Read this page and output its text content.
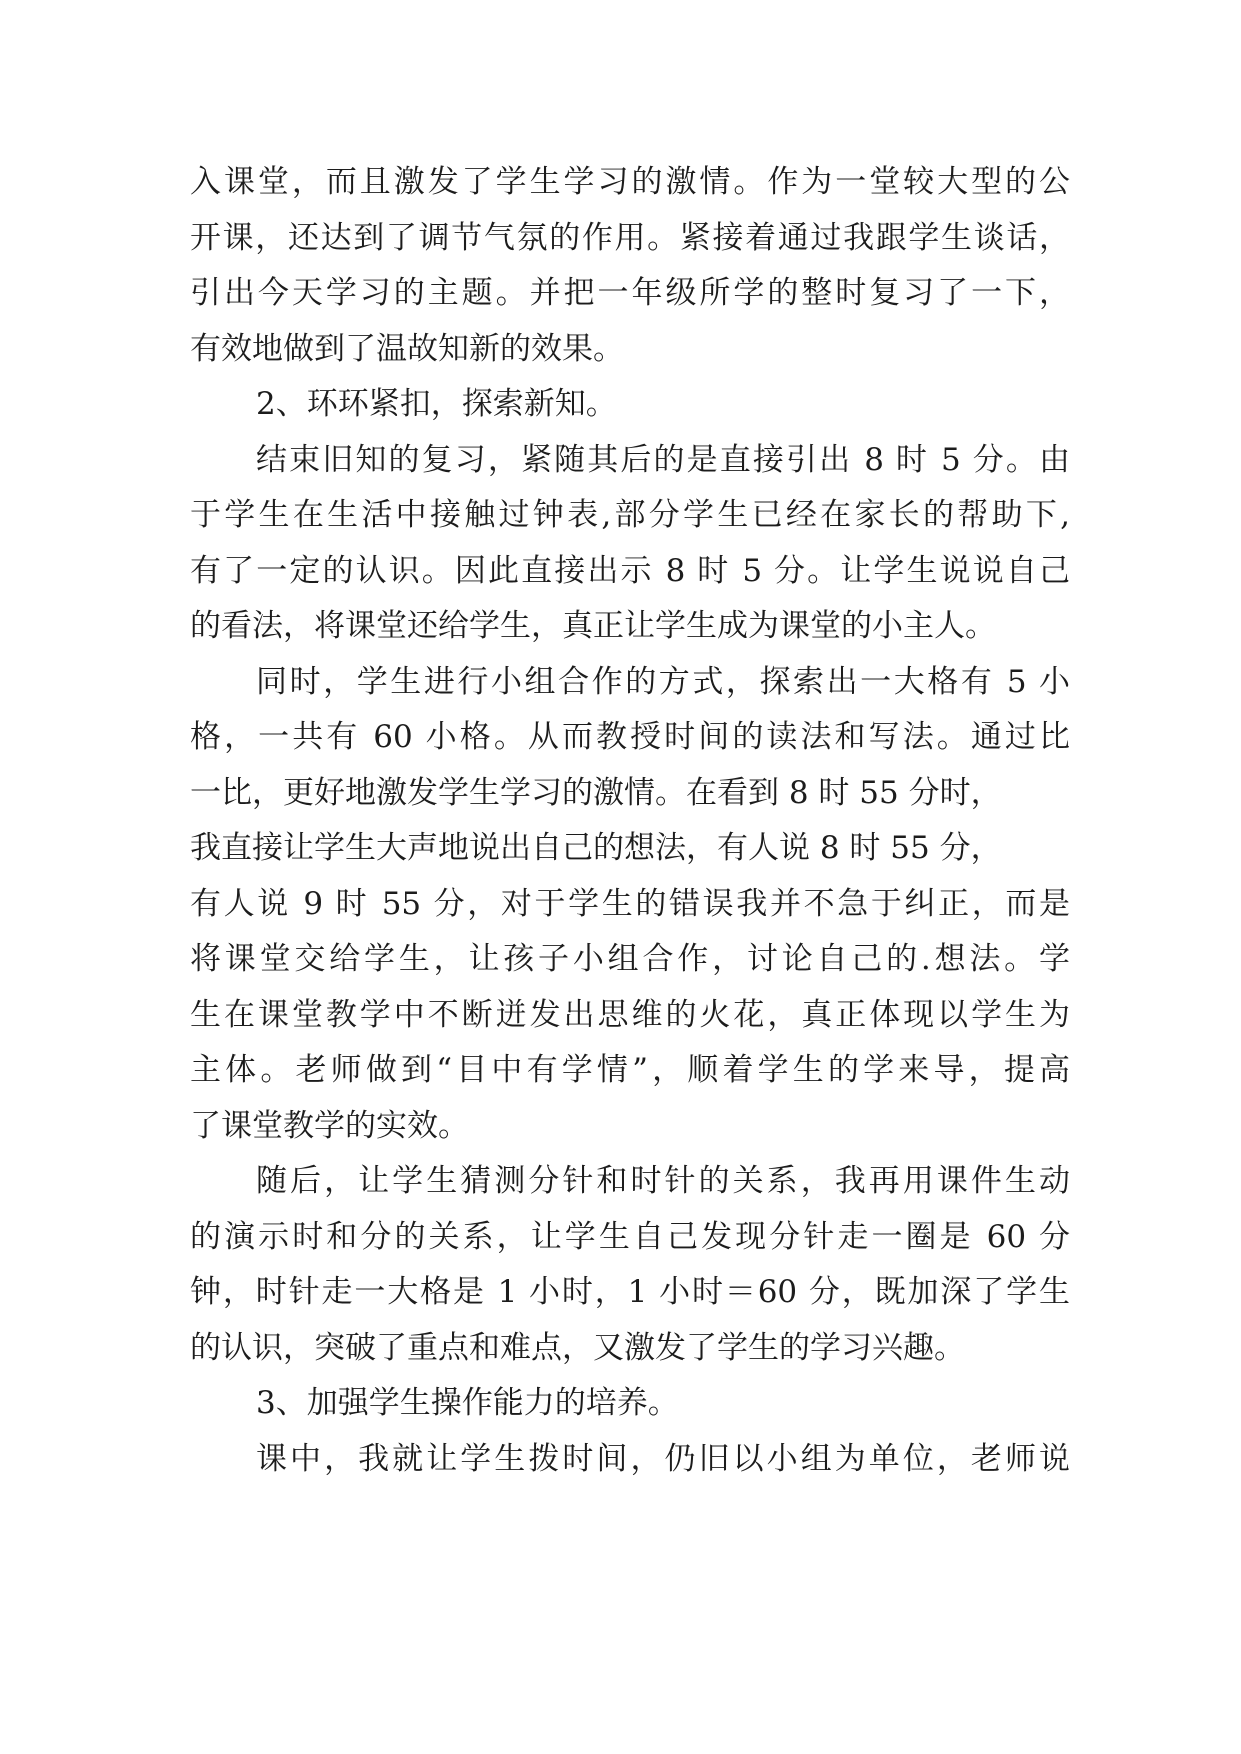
入课堂，而且激发了学生学习的激情。作为一堂较大型的公
开课，还达到了调节气氛的作用。紧接着通过我跟学生谈话，
引出今天学习的主题。并把一年级所学的整时复习了一下，
有效地做到了温故知新的效果。
2、环环紧扣，探索新知。
结束旧知的复习，紧随其后的是直接引出 8 时 5 分。由
于学生在生活中接触过钟表,部分学生已经在家长的帮助下,
有了一定的认识。因此直接出示 8 时 5 分。让学生说说自己
的看法，将课堂还给学生，真正让学生成为课堂的小主人。
同时，学生进行小组合作的方式，探索出一大格有 5 小
格，一共有 60 小格。从而教授时间的读法和写法。通过比
一比，更好地激发学生学习的激情。在看到 8 时 55 分时，
我直接让学生大声地说出自己的想法，有人说 8 时 55 分，
有人说 9 时 55 分，对于学生的错误我并不急于纠正，而是
将课堂交给学生，让孩子小组合作，讨论自己的.想法。学
生在课堂教学中不断迸发出思维的火花，真正体现以学生为
主体。老师做到“目中有学情”，顺着学生的学来导，提高
了课堂教学的实效。
随后，让学生猜测分针和时针的关系，我再用课件生动
的演示时和分的关系，让学生自己发现分针走一圈是 60 分
钟，时针走一大格是 1 小时，1 小时＝60 分，既加深了学生
的认识，突破了重点和难点，又激发了学生的学习兴趣。
3、加强学生操作能力的培养。
课中，我就让学生拨时间，仍旧以小组为单位，老师说
